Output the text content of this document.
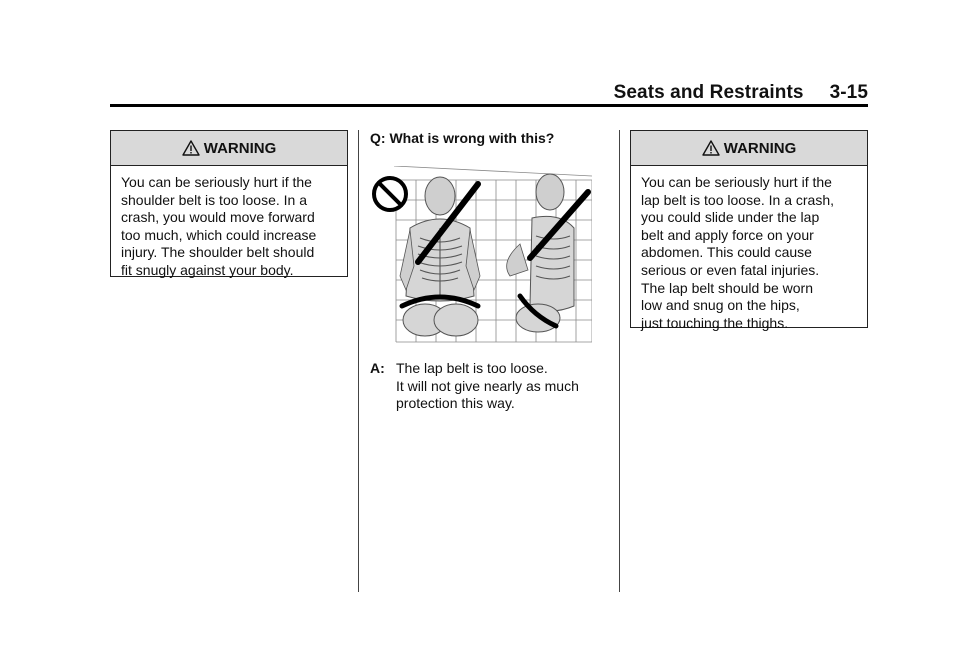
Seats and Restraints 3-15
WARNING
You can be seriously hurt if the
shoulder belt is too loose. In a
crash, you would move forward
too much, which could increase
injury. The shoulder belt should
fit snugly against your body.
Q: What is wrong with this?
A: The lap belt is too loose.
It will not give nearly as much
protection this way.
WARNING
You can be seriously hurt if the
lap belt is too loose. In a crash,
you could slide under the lap
belt and apply force on your
abdomen. This could cause
serious or even fatal injuries.
The lap belt should be worn
low and snug on the hips,
just touching the thighs.
